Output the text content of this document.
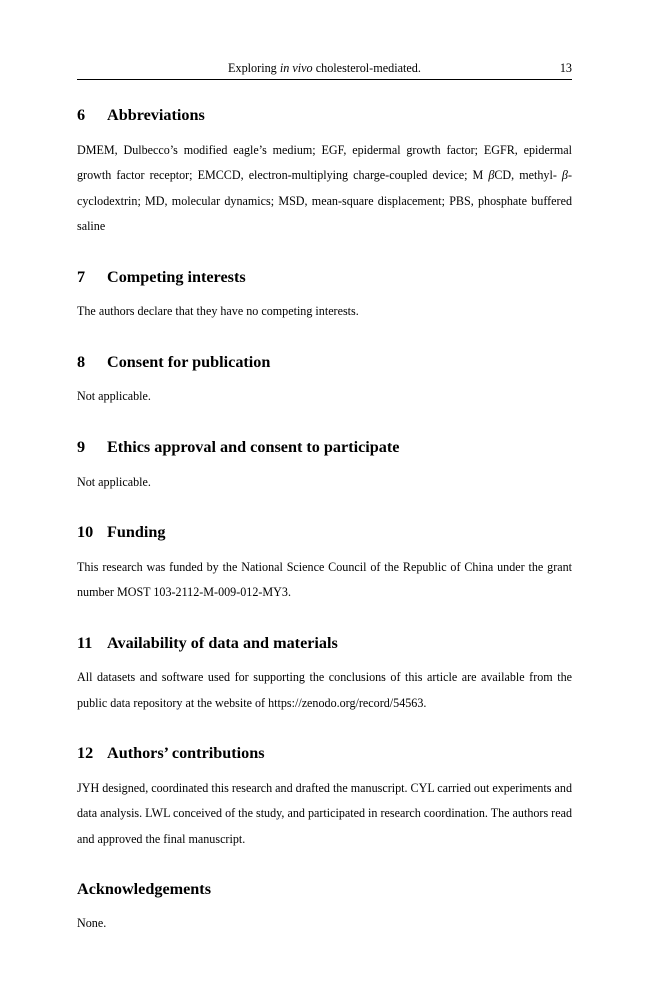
Exploring in vivo cholesterol-mediated.	13
6	Abbreviations

DMEM, Dulbecco’s modified eagle’s medium; EGF, epidermal growth factor; EGFR, epidermal growth factor receptor; EMCCD, electron-multiplying charge-coupled device; M βCD, methyl- β-cyclodextrin; MD, molecular dynamics; MSD, mean-square displacement; PBS, phosphate buffered saline

7	Competing interests

The authors declare that they have no competing interests.

8	Consent for publication

Not applicable.

9	Ethics approval and consent to participate

Not applicable.

10 Funding

This research was funded by the National Science Council of the Republic of China under the grant number MOST 103-2112-M-009-012-MY3.

11 Availability of data and materials

All datasets and software used for supporting the conclusions of this article are available from the public data repository at the website of https://zenodo.org/record/54563.

12 Authors’ contributions

JYH designed, coordinated this research and drafted the manuscript. CYL carried out experiments and data analysis. LWL conceived of the study, and participated in research coordination. The authors read and approved the final manuscript.

Acknowledgements

None.
